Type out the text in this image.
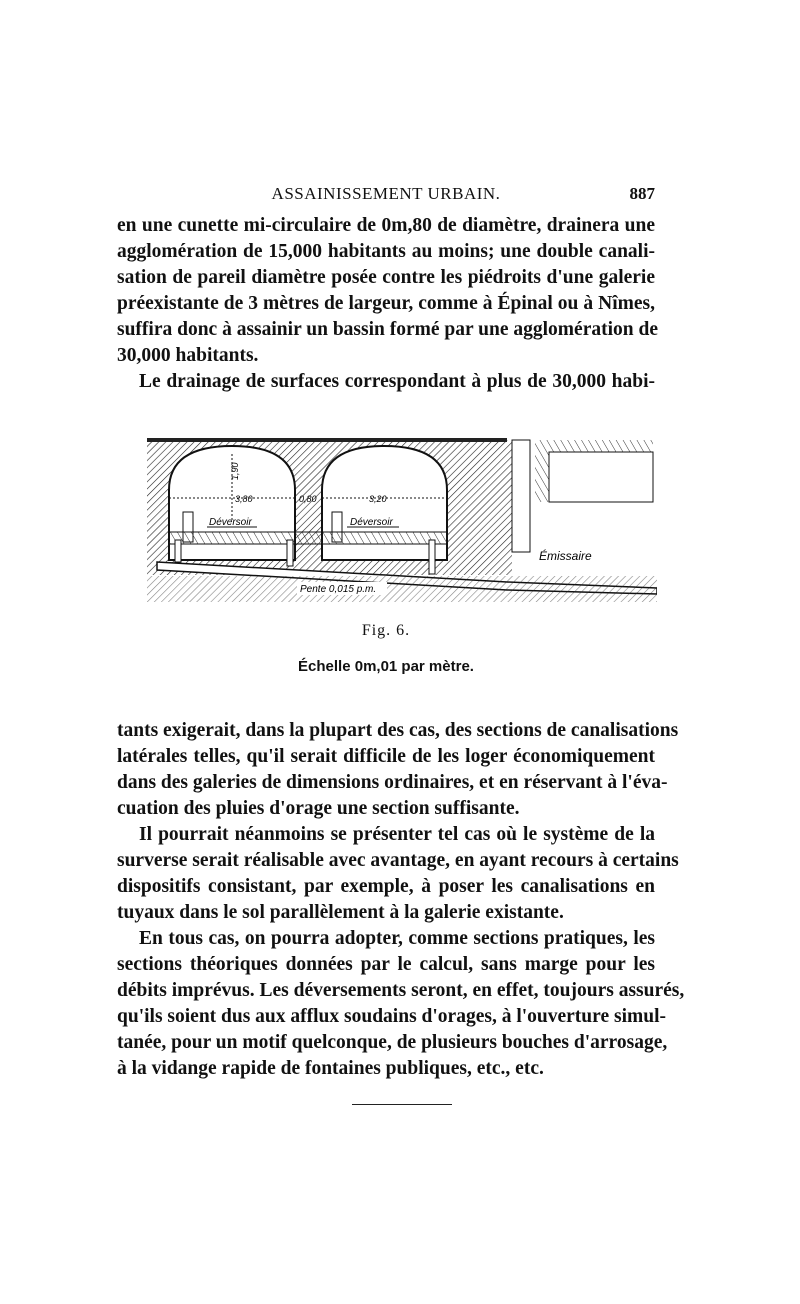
ASSAINISSEMENT URBAIN.	887
en une cunette mi-circulaire de 0m,80 de diamètre, drainera une
agglomération de 15,000 habitants au moins; une double canali-
sation de pareil diamètre posée contre les piédroits d'une galerie
préexistante de 3 mètres de largeur, comme à Épinal ou à Nîmes,
suffira donc à assainir un bassin formé par une agglomération de
30,000 habitants.
Le drainage de surfaces correspondant à plus de 30,000 habi-
1,90
3,80	3,20
0,80
Déversoir	Déversoir
Émissaire
Pente 0,015 p.m.
Fig. 6.
Échelle 0m,01 par mètre.
tants exigerait, dans la plupart des cas, des sections de canalisations
latérales telles, qu'il serait difficile de les loger économiquement
dans des galeries de dimensions ordinaires, et en réservant à l'éva-
cuation des pluies d'orage une section suffisante.
Il pourrait néanmoins se présenter tel cas où le système de la
surverse serait réalisable avec avantage, en ayant recours à certains
dispositifs consistant, par exemple, à poser les canalisations en
tuyaux dans le sol parallèlement à la galerie existante.
En tous cas, on pourra adopter, comme sections pratiques, les
sections théoriques données par le calcul, sans marge pour les
débits imprévus. Les déversements seront, en effet, toujours assurés,
qu'ils soient dus aux afflux soudains d'orages, à l'ouverture simul-
tanée, pour un motif quelconque, de plusieurs bouches d'arrosage,
à la vidange rapide de fontaines publiques, etc., etc.
